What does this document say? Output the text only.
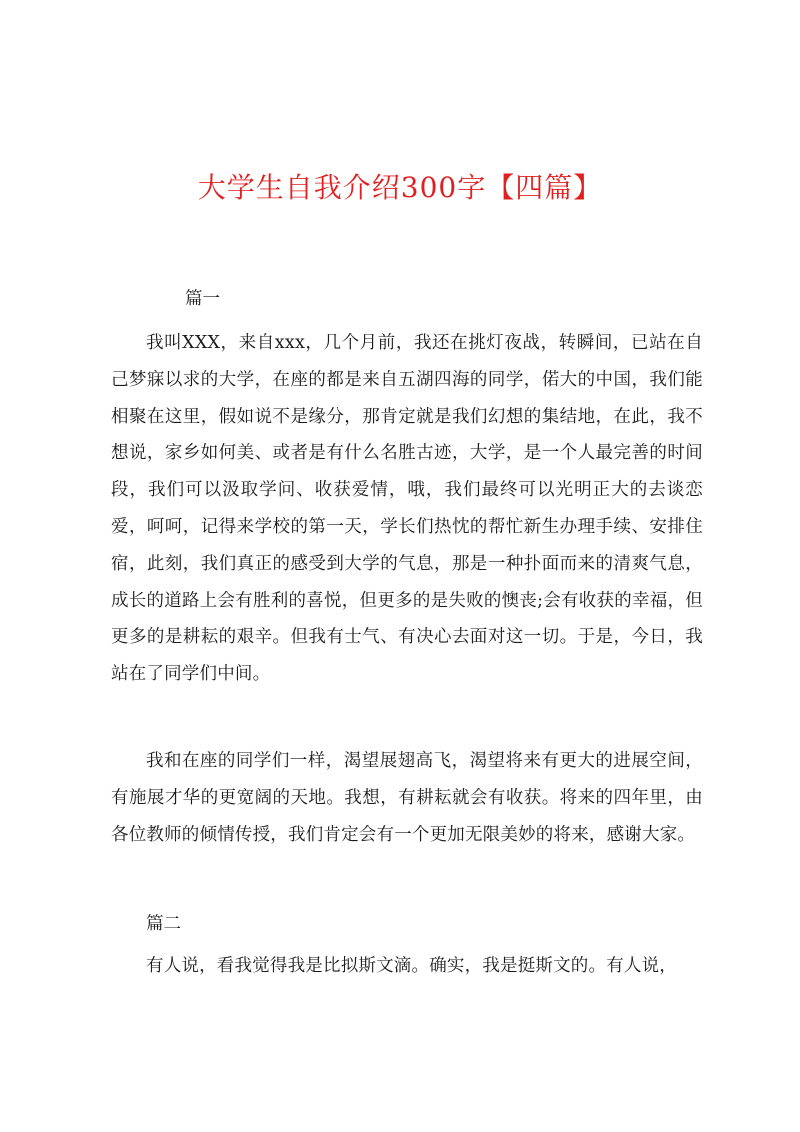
大学生自我介绍300字【四篇】
篇一

我叫XXX，来自xxx，几个月前，我还在挑灯夜战，转瞬间，已站在自己梦寐以求的大学，在座的都是来自五湖四海的同学，偌大的中国，我们能相聚在这里，假如说不是缘分，那肯定就是我们幻想的集结地，在此，我不想说，家乡如何美、或者是有什么名胜古迹，大学，是一个人最完善的时间段，我们可以汲取学问、收获爱情，哦，我们最终可以光明正大的去谈恋爱，呵呵，记得来学校的第一天，学长们热忱的帮忙新生办理手续、安排住宿，此刻，我们真正的感受到大学的气息，那是一种扑面而来的清爽气息，成长的道路上会有胜利的喜悦，但更多的是失败的懊丧;会有收获的幸福，但更多的是耕耘的艰辛。但我有士气、有决心去面对这一切。于是，今日，我站在了同学们中间。

我和在座的同学们一样，渴望展翅高飞，渴望将来有更大的进展空间，有施展才华的更宽阔的天地。我想，有耕耘就会有收获。将来的四年里，由各位教师的倾情传授，我们肯定会有一个更加无限美妙的将来，感谢大家。

篇二

有人说，看我觉得我是比拟斯文滴。确实，我是挺斯文的。有人说，
